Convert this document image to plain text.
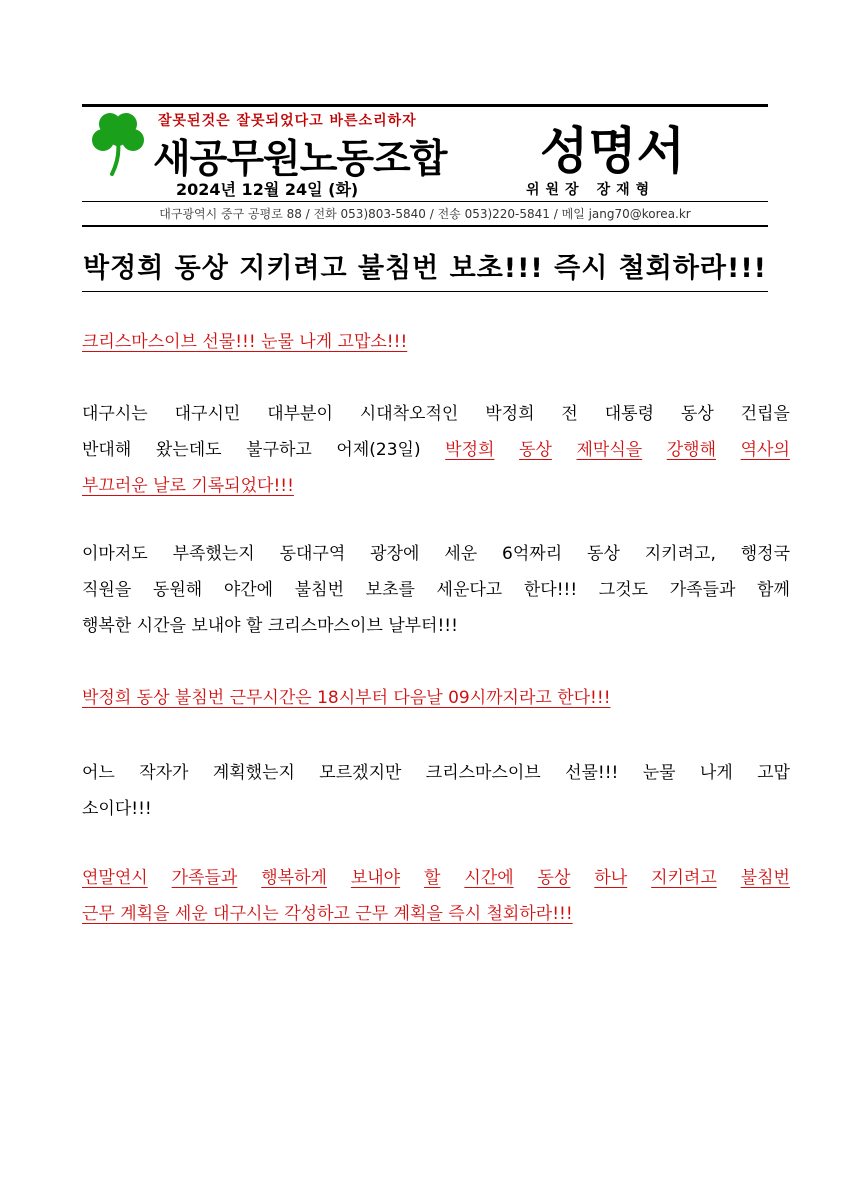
잘못된것은 잘못되었다고 바른소리하자
새공무원노동조합 성명서
2024년 12월 24일 (화)	위원장 장재형
대구광역시 중구 공평로 88 / 전화 053)803-5840 / 전송 053)220-5841 / 메일 jang70@korea.kr
박정희 동상 지키려고 불침번 보초!!! 즉시 철회하라!!!
크리스마스이브 선물!!! 눈물 나게 고맙소!!!
대구시는 대구시민 대부분이 시대착오적인 박정희 전 대통령 동상 건립을
반대해 왔는데도 불구하고 어제(23일) 박정희 동상 제막식을 강행해 역사의
부끄러운 날로 기록되었다!!!
이마저도 부족했는지 동대구역 광장에 세운 6억짜리 동상 지키려고, 행정국
직원을 동원해 야간에 불침번 보초를 세운다고 한다!!! 그것도 가족들과 함께
행복한 시간을 보내야 할 크리스마스이브 날부터!!!
박정희 동상 불침번 근무시간은 18시부터 다음날 09시까지라고 한다!!!
어느 작자가 계획했는지 모르겠지만 크리스마스이브 선물!!! 눈물 나게 고맙
소이다!!!
연말연시 가족들과 행복하게 보내야 할 시간에 동상 하나 지키려고 불침번
근무 계획을 세운 대구시는 각성하고 근무 계획을 즉시 철회하라!!!
